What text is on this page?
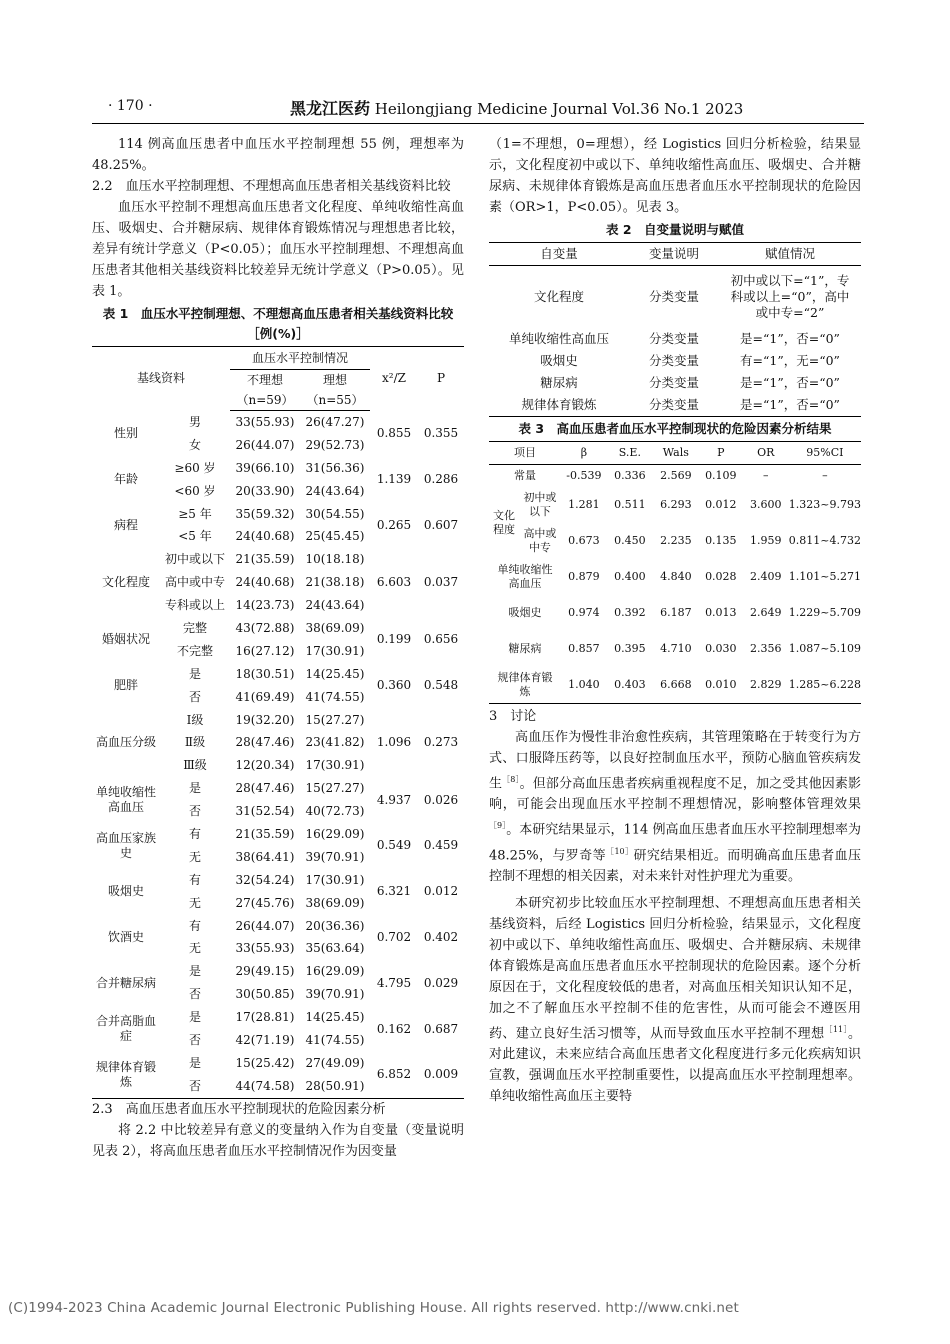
· 170 ·	黑龙江医药 Heilongjiang Medicine Journal Vol.36 No.1 2023

114 例高血压患者中血压水平控制理想 55 例，理想率为 48.25%。

2.2　血压水平控制理想、不理想高血压患者相关基线资料比较

血压水平控制不理想高血压患者文化程度、单纯收缩性高血压、吸烟史、合并糖尿病、规律体育锻炼情况与理想患者比较，差异有统计学意义（P<0.05）；血压水平控制理想、不理想高血压患者其他相关基线资料比较差异无统计学意义（P>0.05）。见表 1。

表 1　血压水平控制理想、不理想高血压患者相关基线资料比较［例(%)］
基线资料		血压水平控制情况		x²/Z	P
		不理想	理想		
		（n=59）	（n=55）		
性别	男	33(55.93)	26(47.27)	0.855	0.355
	女	26(44.07)	29(52.73)		
年龄	≥60 岁	39(66.10)	31(56.36)	1.139	0.286
	<60 岁	20(33.90)	24(43.64)		
病程	≥5 年	35(59.32)	30(54.55)	0.265	0.607
	<5 年	24(40.68)	25(45.45)		
文化程度	初中或以下	21(35.59)	10(18.18)	6.603	0.037
	高中或中专	24(40.68)	21(38.18)		
	专科或以上	14(23.73)	24(43.64)		
婚姻状况	完整	43(72.88)	38(69.09)	0.199	0.656
	不完整	16(27.12)	17(30.91)		
肥胖	是	18(30.51)	14(25.45)	0.360	0.548
	否	41(69.49)	41(74.55)		
高血压分级	Ⅰ级	19(32.20)	15(27.27)	1.096	0.273
	Ⅱ级	28(47.46)	23(41.82)		
	Ⅲ级	12(20.34)	17(30.91)		
单纯收缩性高血压	是	28(47.46)	15(27.27)	4.937	0.026
	否	31(52.54)	40(72.73)		
高血压家族史	有	21(35.59)	16(29.09)	0.549	0.459
	无	38(64.41)	39(70.91)		
吸烟史	有	32(54.24)	17(30.91)	6.321	0.012
	无	27(45.76)	38(69.09)		
饮酒史	有	26(44.07)	20(36.36)	0.702	0.402
	无	33(55.93)	35(63.64)		
合并糖尿病	是	29(49.15)	16(29.09)	4.795	0.029
	否	30(50.85)	39(70.91)		
合并高脂血症	是	17(28.81)	14(25.45)	0.162	0.687
	否	42(71.19)	41(74.55)		
规律体育锻炼	是	15(25.42)	27(49.09)	6.852	0.009
	否	44(74.58)	28(50.91)		

2.3　高血压患者血压水平控制现状的危险因素分析

将 2.2 中比较差异有意义的变量纳入作为自变量（变量说明见表 2），将高血压患者血压水平控制情况作为因变量

（1=不理想，0=理想），经 Logistics 回归分析检验，结果显示，文化程度初中或以下、单纯收缩性高血压、吸烟史、合并糖尿病、未规律体育锻炼是高血压患者血压水平控制现状的危险因素（OR>1，P<0.05）。见表 3。

表 2　自变量说明与赋值
自变量	变量说明	赋值情况
文化程度	分类变量	初中或以下=“1”，专科或以上=“0”，高中或中专=“2”
单纯收缩性高血压	分类变量	是=“1”，否=“0”
吸烟史	分类变量	有=“1”，无=“0”
糖尿病	分类变量	是=“1”，否=“0”
规律体育锻炼	分类变量	是=“1”，否=“0”
表 3　高血压患者血压水平控制现状的危险因素分析结果
项目		β	S.E.	Wals	P	OR	95%CI
常量		-0.539	0.336	2.569	0.109	–	–
文化程度	初中或以下	1.281	0.511	6.293	0.012	3.600	1.323~9.793
	高中或中专	0.673	0.450	2.235	0.135	1.959	0.811~4.732
单纯收缩性高血压		0.879	0.400	4.840	0.028	2.409	1.101~5.271
吸烟史		0.974	0.392	6.187	0.013	2.649	1.229~5.709
糖尿病		0.857	0.395	4.710	0.030	2.356	1.087~5.109
规律体育锻炼		1.040	0.403	6.668	0.010	2.829	1.285~6.228

3　讨论

高血压作为慢性非治愈性疾病，其管理策略在于转变行为方式、口服降压药等，以良好控制血压水平，预防心脑血管疾病发生$^{[8]}$。但部分高血压患者疾病重视程度不足，加之受其他因素影响，可能会出现血压水平控制不理想情况，影响整体管理效果$^{[9]}$。本研究结果显示，114 例高血压患者血压水平控制理想率为 48.25%，与罗奇等$^{[10]}$研究结果相近。而明确高血压患者血压控制不理想的相关因素，对未来针对性护理尤为重要。

本研究初步比较血压水平控制理想、不理想高血压患者相关基线资料，后经 Logistics 回归分析检验，结果显示，文化程度初中或以下、单纯收缩性高血压、吸烟史、合并糖尿病、未规律体育锻炼是高血压患者血压水平控制现状的危险因素。逐个分析原因在于，文化程度较低的患者，对高血压相关知识认知不足，加之不了解血压水平控制不佳的危害性，从而可能会不遵医用药、建立良好生活习惯等，从而导致血压水平控制不理想$^{[11]}$。对此建议，未来应结合高血压患者文化程度进行多元化疾病知识宣教，强调血压水平控制重要性，以提高血压水平控制理想率。单纯收缩性高血压主要特

(C)1994-2023 China Academic Journal Electronic Publishing House. All rights reserved. http://www.cnki.net
